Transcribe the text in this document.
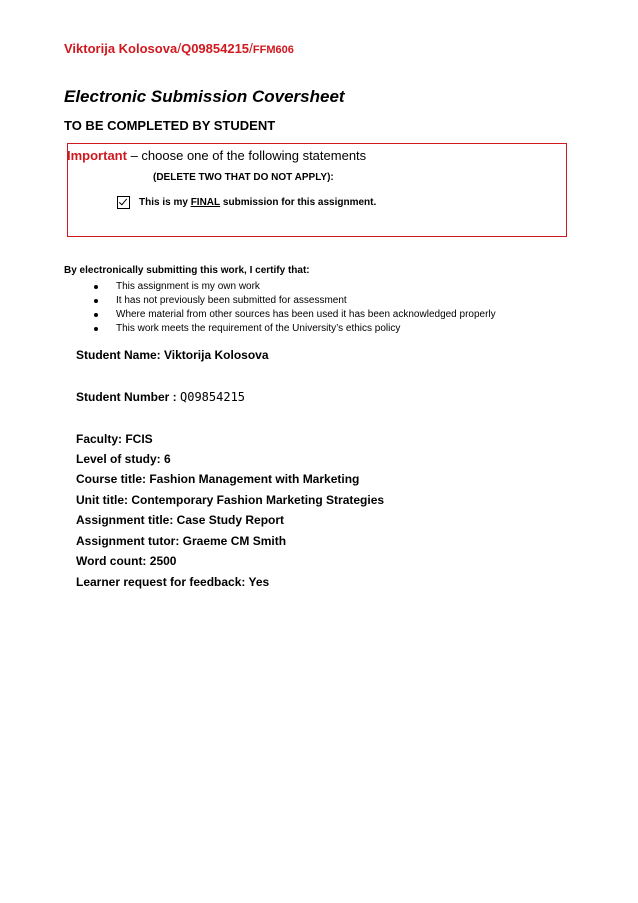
Viktorija Kolosova/Q09854215/FFM606
Electronic Submission Coversheet
TO BE COMPLETED BY STUDENT
Important – choose one of the following statements
(DELETE TWO THAT DO NOT APPLY):
This is my FINAL submission for this assignment.
By electronically submitting this work, I certify that:
This assignment is my own work
It has not previously been submitted for assessment
Where material from other sources has been used it has been acknowledged properly
This work meets the requirement of the University’s ethics policy
Student Name: Viktorija Kolosova
Student Number : Q09854215
Faculty: FCIS
Level of study: 6
Course title: Fashion Management with Marketing
Unit title: Contemporary Fashion Marketing Strategies
Assignment title: Case Study Report
Assignment tutor: Graeme CM Smith
Word count: 2500
Learner request for feedback: Yes
